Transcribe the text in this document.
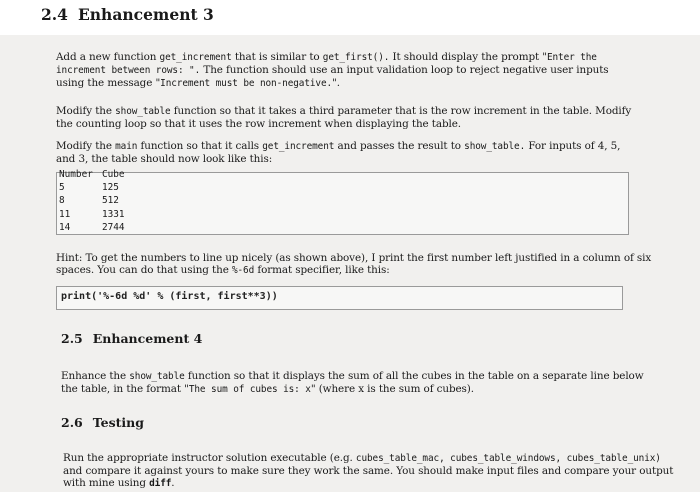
2.4 Enhancement 3
Add a new function get_increment that is similar to get_first(). It should display the prompt "Enter the
increment between rows: ". The function should use an input validation loop to reject negative user inputs
using the message "Increment must be non-negative.".
Modify the show_table function so that it takes a third parameter that is the row increment in the table. Modify
the counting loop so that it uses the row increment when displaying the table.
Modify the main function so that it calls get_increment and passes the result to show_table. For inputs of 4, 5,
and 3, the table should now look like this:
Number Cube
5	125
8	512
11	1331
14	2744
Hint: To get the numbers to line up nicely (as shown above), I print the first number left justified in a column of six
spaces. You can do that using the %-6d format specifier, like this:
print('%-6d %d' % (first, first**3))
2.5 Enhancement 4
Enhance the show_table function so that it displays the sum of all the cubes in the table on a separate line below
the table, in the format "The sum of cubes is: x" (where x is the sum of cubes).
2.6 Testing
Run the appropriate instructor solution executable (e.g. cubes_table_mac, cubes_table_windows, cubes_table_unix)
and compare it against yours to make sure they work the same. You should make input files and compare your output
with mine using diff.
